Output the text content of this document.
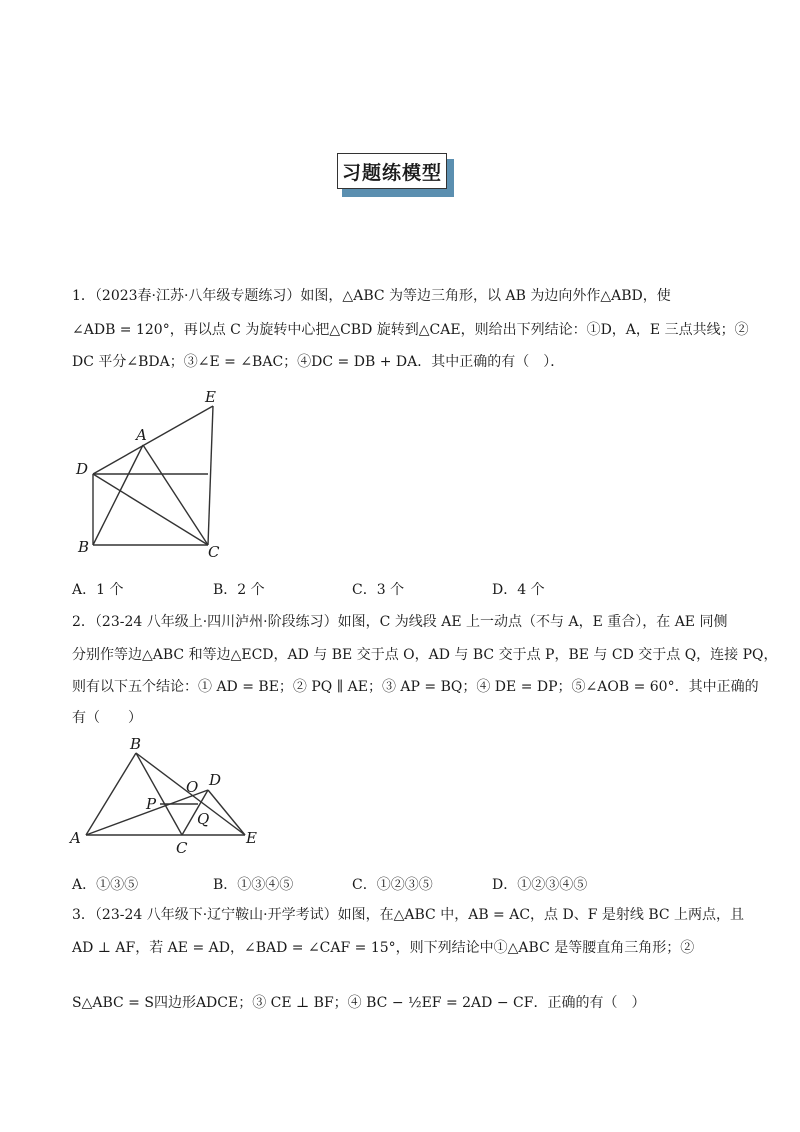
习题练模型
1．（2023春·江苏·八年级专题练习）如图，△ABC 为等边三角形，以 AB 为边向外作△ABD，使
∠ADB = 120°，再以点 C 为旋转中心把△CBD 旋转到△CAE，则给出下列结论：①D，A，E 三点共线；②
DC 平分∠BDA；③∠E = ∠BAC；④DC = DB + DA．其中正确的有（　）．
E
A
D
B	C
A．1 个	B．2 个	C．3 个	D．4 个
2．（23-24 八年级上·四川泸州·阶段练习）如图，C 为线段 AE 上一动点（不与 A，E 重合），在 AE 同侧
分别作等边△ABC 和等边△ECD，AD 与 BE 交于点 O，AD 与 BC 交于点 P，BE 与 CD 交于点 Q，连接 PQ，
则有以下五个结论：① AD = BE；② PQ ∥ AE；③ AP = BQ；④ DE = DP；⑤∠AOB = 60°．其中正确的
有（　　）
B
D
O
P
Q
A
C
E
A．①③⑤	B．①③④⑤	C．①②③⑤	D．①②③④⑤
3．（23-24 八年级下·辽宁鞍山·开学考试）如图，在△ABC 中，AB = AC，点 D、F 是射线 BC 上两点，且
AD ⊥ AF，若 AE = AD，∠BAD = ∠CAF = 15°，则下列结论中①△ABC 是等腰直角三角形；②
S△ABC = S四边形ADCE；③ CE ⊥ BF；④ BC − ½EF = 2AD − CF．正确的有（　）
